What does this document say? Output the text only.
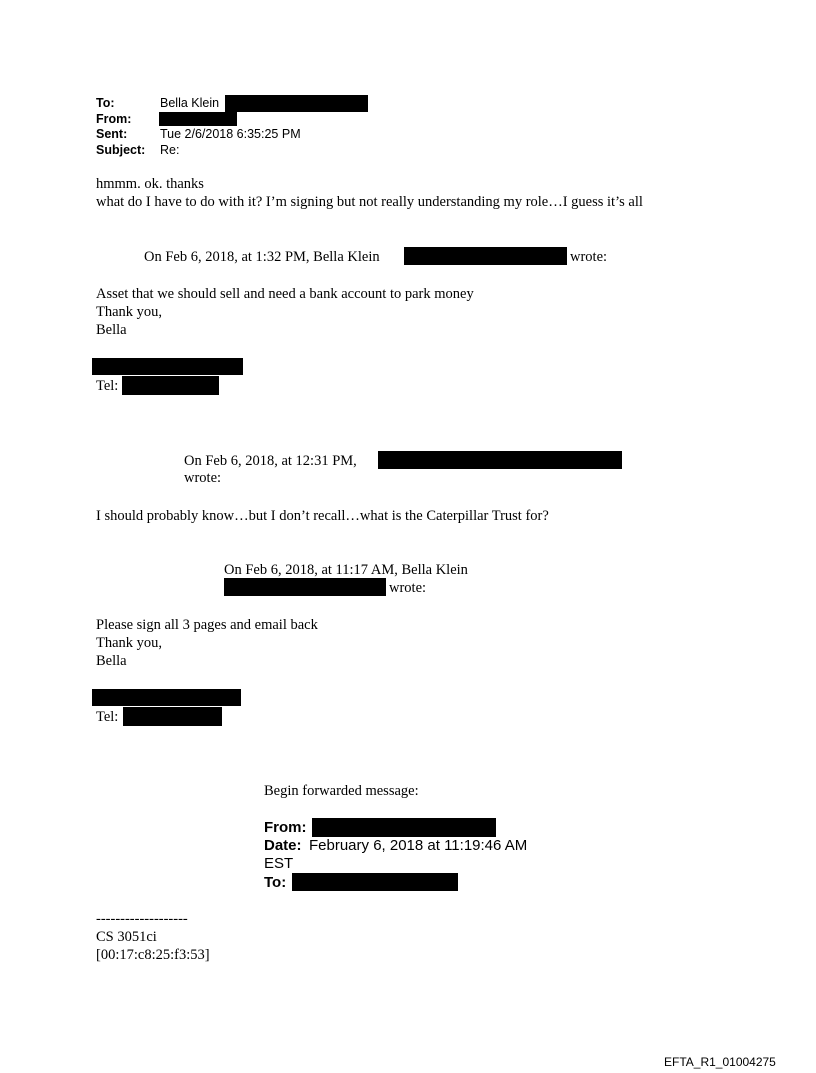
To:	Bella Klein
From:
Sent:	Tue 2/6/2018 6:35:25 PM
Subject: Re:
hmmm. ok. thanks
what do I have to do with it? I’m signing but not really understanding my role…I guess it’s all
On Feb 6, 2018, at 1:32 PM, Bella Klein	wrote:
Asset that we should sell and need a bank account to park money
Thank you,
Bella
Tel:
On Feb 6, 2018, at 12:31 PM,
wrote:
I should probably know…but I don’t recall…what is the Caterpillar Trust for?
On Feb 6, 2018, at 11:17 AM, Bella Klein
wrote:
Please sign all 3 pages and email back
Thank you,
Bella
Tel:
Begin forwarded message:
From:
Date: February 6, 2018 at 11:19:46 AM
EST
To:
-------------------
CS 3051ci
[00:17:c8:25:f3:53]
EFTA_R1_01004275
